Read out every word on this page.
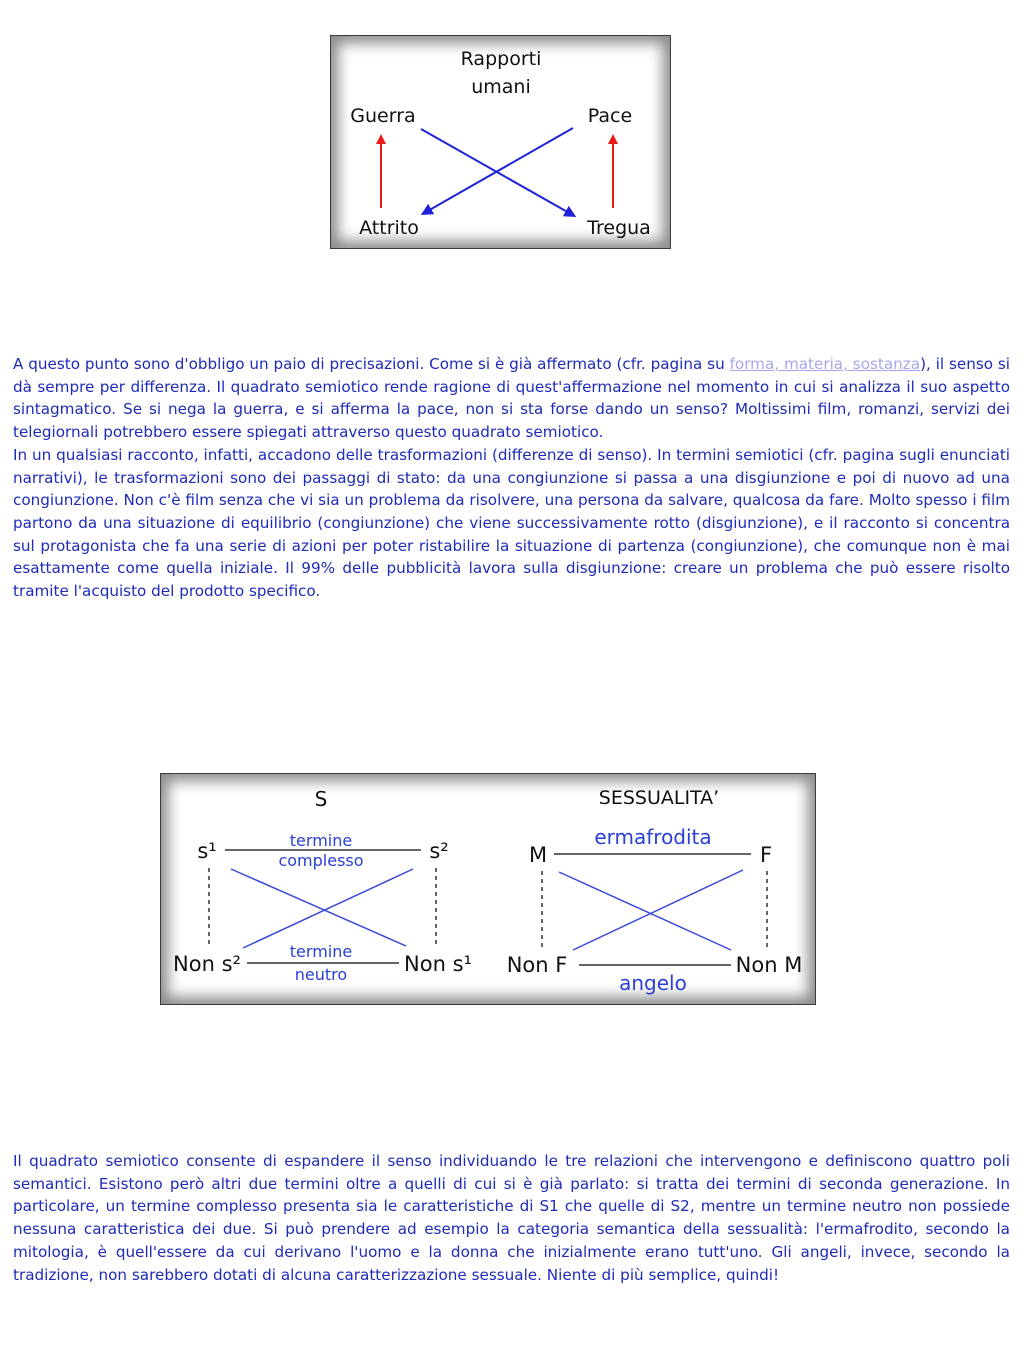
Rapporti
umani
Guerra	Pace
Attrito	Tregua
A questo punto sono d'obbligo un paio di precisazioni. Come si è già affermato (cfr. pagina su forma, materia, sostanza), il senso si dà sempre per differenza. Il quadrato semiotico rende ragione di quest'affermazione nel momento in cui si analizza il suo aspetto sintagmatico. Se si nega la guerra, e si afferma la pace, non si sta forse dando un senso? Moltissimi film, romanzi, servizi dei telegiornali potrebbero essere spiegati attraverso questo quadrato semiotico.
In un qualsiasi racconto, infatti, accadono delle trasformazioni (differenze di senso). In termini semiotici (cfr. pagina sugli enunciati narrativi), le trasformazioni sono dei passaggi di stato: da una congiunzione si passa a una disgiunzione e poi di nuovo ad una congiunzione. Non c'è film senza che vi sia un problema da risolvere, una persona da salvare, qualcosa da fare. Molto spesso i film partono da una situazione di equilibrio (congiunzione) che viene successivamente rotto (disgiunzione), e il racconto si concentra sul protagonista che fa una serie di azioni per poter ristabilire la situazione di partenza (congiunzione), che comunque non è mai esattamente come quella iniziale. Il 99% delle pubblicità lavora sulla disgiunzione: creare un problema che può essere risolto tramite l'acquisto del prodotto specifico.
S
s¹	s²
termine
complesso
Non s²	Non s¹
termine
neutro
SESSUALITA’
M	F
ermafrodita
Non F	Non M
angelo
Il quadrato semiotico consente di espandere il senso individuando le tre relazioni che intervengono e definiscono quattro poli semantici. Esistono però altri due termini oltre a quelli di cui si è già parlato: si tratta dei termini di seconda generazione. In particolare, un termine complesso presenta sia le caratteristiche di S1 che quelle di S2, mentre un termine neutro non possiede nessuna caratteristica dei due. Si può prendere ad esempio la categoria semantica della sessualità: l'ermafrodito, secondo la mitologia, è quell'essere da cui derivano l'uomo e la donna che inizialmente erano tutt'uno. Gli angeli, invece, secondo la tradizione, non sarebbero dotati di alcuna caratterizzazione sessuale. Niente di più semplice, quindi!
